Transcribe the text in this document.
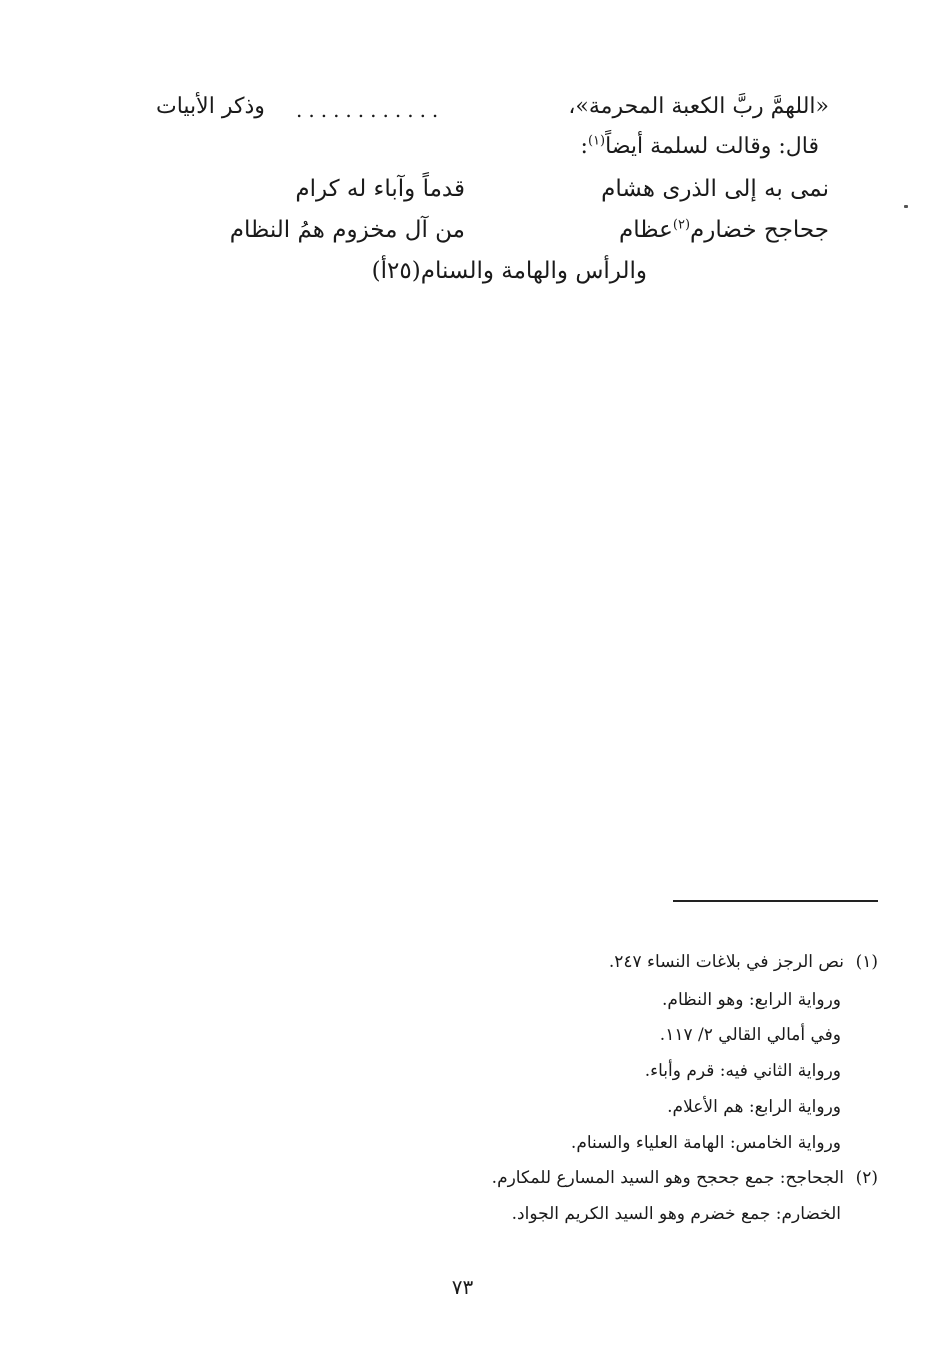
«اللهمَّ ربَّ الكعبة المحرمة»،
............
وذكر الأبيات
قال: وقالت لسلمة أيضاً$^{(١)}$:
نمى به إلى الذرى هشام
قدماً وآباء له كرام
جحاجح خضارم$^{(٢)}$عظام
من آل مخزوم همُ النظام
والرأس والهامة والسنام(٢٥أ)
(١)نص الرجز في بلاغات النساء ٢٤٧.
ورواية الرابع: وهو النظام.
وفي أمالي القالي ٢/ ١١٧.
ورواية الثاني فيه: قرم وأباء.
ورواية الرابع: هم الأعلام.
ورواية الخامس: الهامة العلياء والسنام.
(٢)الجحاجح: جمع جحجح وهو السيد المسارع للمكارم.
الخضارم: جمع خضرم وهو السيد الكريم الجواد.
٧٣
